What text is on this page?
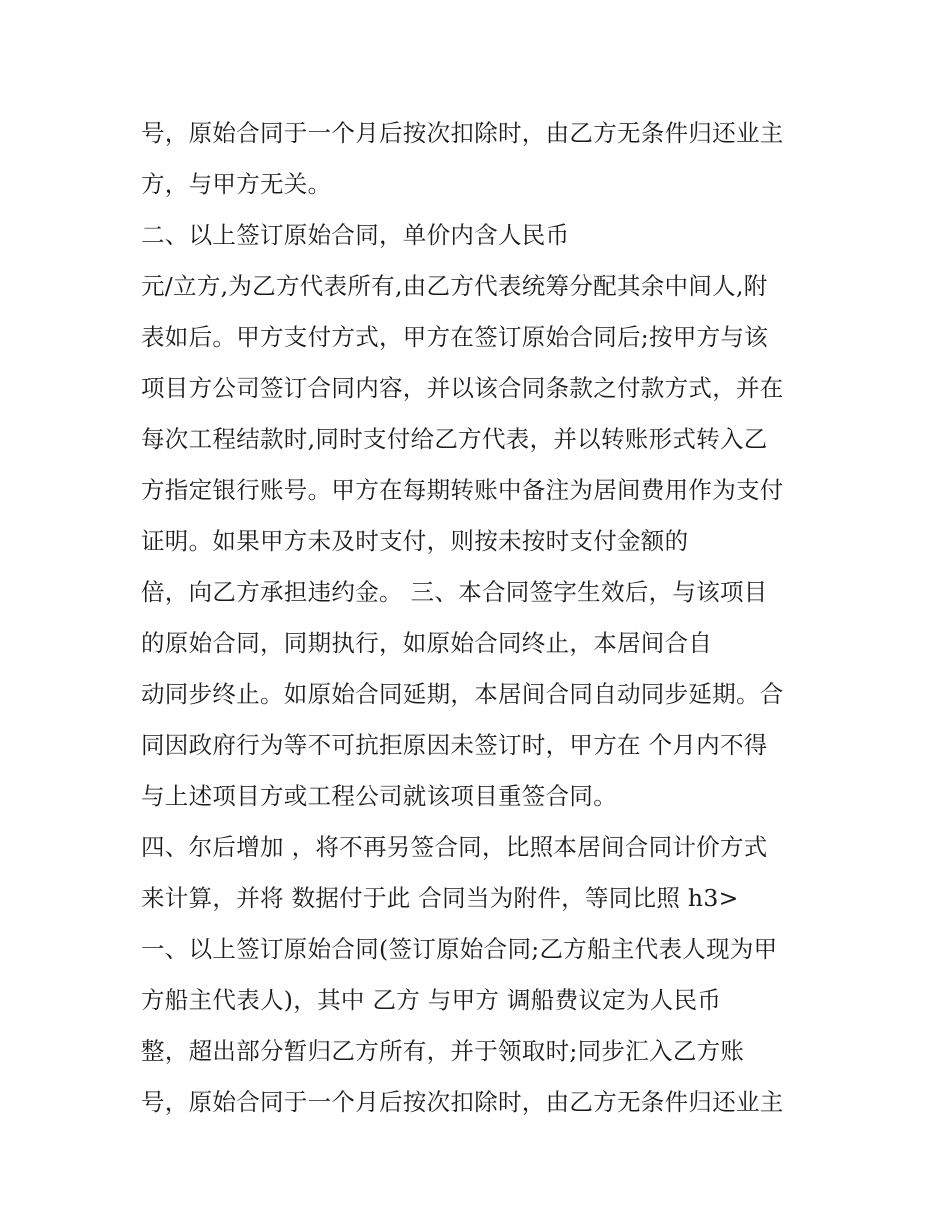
号，原始合同于一个月后按次扣除时，由乙方无条件归还业主
方，与甲方无关。
二、以上签订原始合同，单价内含人民币
元/立方,为乙方代表所有,由乙方代表统筹分配其余中间人,附
表如后。甲方支付方式，甲方在签订原始合同后;按甲方与该
项目方公司签订合同内容，并以该合同条款之付款方式，并在
每次工程结款时,同时支付给乙方代表，并以转账形式转入乙
方指定银行账号。甲方在每期转账中备注为居间费用作为支付
证明。如果甲方未及时支付，则按未按时支付金额的
倍，向乙方承担违约金。 三、本合同签字生效后，与该项目
的原始合同，同期执行，如原始合同终止，本居间合自
动同步终止。如原始合同延期，本居间合同自动同步延期。合
同因政府行为等不可抗拒原因未签订时，甲方在 个月内不得
与上述项目方或工程公司就该项目重签合同。
四、尔后增加 ，将不再另签合同，比照本居间合同计价方式
来计算，并将 数据付于此 合同当为附件，等同比照 h3>
一、以上签订原始合同(签订原始合同;乙方船主代表人现为甲
方船主代表人)，其中 乙方 与甲方 调船费议定为人民币
整，超出部分暂归乙方所有，并于领取时;同步汇入乙方账
号，原始合同于一个月后按次扣除时，由乙方无条件归还业主
